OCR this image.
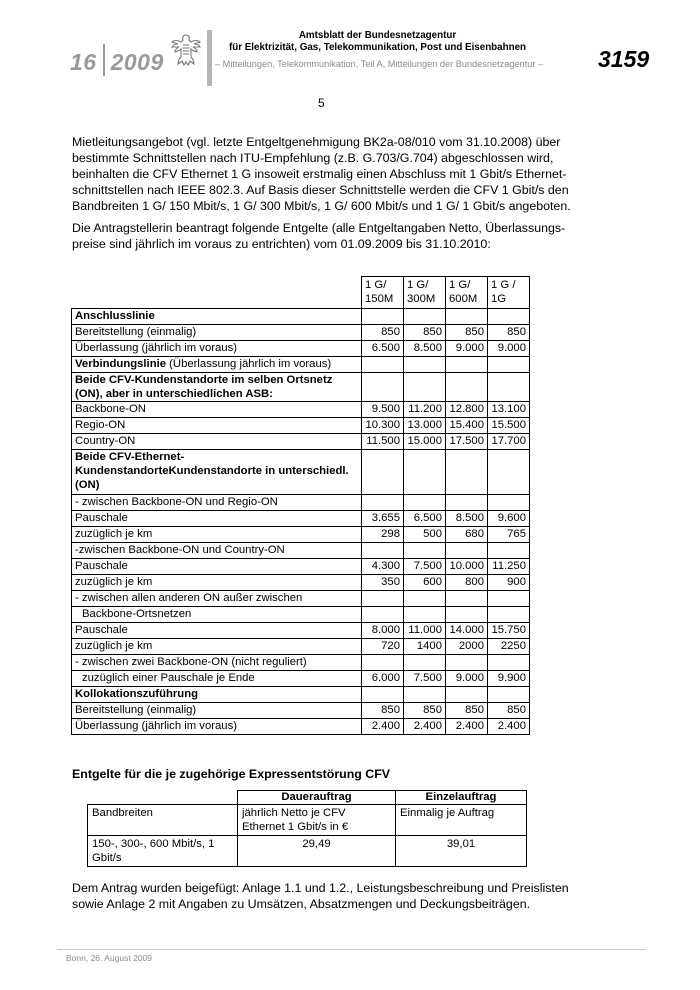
16 2009
Amtsblatt der Bundesnetzagentur
für Elektrizität, Gas, Telekommunikation, Post und Eisenbahnen
– Mitteilungen, Telekommunikation, Teil A, Mitteilungen der Bundesnetzagentur – 3159
5
Mietleitungsangebot (vgl. letzte Entgeltgenehmigung BK2a-08/010 vom 31.10.2008) über
bestimmte Schnittstellen nach ITU-Empfehlung (z.B. G.703/G.704) abgeschlossen wird,
beinhalten die CFV Ethernet 1 G insoweit erstmalig einen Abschluss mit 1 Gbit/s Ethernet-
schnittstellen nach IEEE 802.3. Auf Basis dieser Schnittstelle werden die CFV 1 Gbit/s den
Bandbreiten 1 G/ 150 Mbit/s, 1 G/ 300 Mbit/s, 1 G/ 600 Mbit/s und 1 G/ 1 Gbit/s angeboten.
Die Antragstellerin beantragt folgende Entgelte (alle Entgeltangaben Netto, Überlassungs-
preise sind jährlich im voraus zu entrichten) vom 01.09.2009 bis 31.10.2010:
	1 G/ 150M	1 G/ 300M	1 G/ 600M	1 G / 1G
Anschlusslinie				
Bereitstellung (einmalig)	850	850	850	850
Überlassung (jährlich im voraus)	6.500	8.500	9.000	9.000
Verbindungslinie (Überlassung jährlich im voraus)				
Beide CFV-Kundenstandorte im selben Ortsnetz (ON), aber in unterschiedlichen ASB:				
Backbone-ON	9.500	11.200	12.800	13.100
Regio-ON	10.300	13.000	15.400	15.500
Country-ON	11.500	15.000	17.500	17.700
Beide CFV-Ethernet-KundenstandorteKundenstandorte in unterschiedl. (ON)				
- zwischen Backbone-ON und Regio-ON				
Pauschale	3.655	6.500	8.500	9.600
zuzüglich je km	298	500	680	765
-zwischen Backbone-ON und Country-ON				
Pauschale	4.300	7.500	10.000	11.250
zuzüglich je km	350	600	800	900
- zwischen allen anderen ON außer zwischen				
Backbone-Ortsnetzen				
Pauschale	8.000	11.000	14.000	15.750
zuzüglich je km	720	1400	2000	2250
- zwischen zwei Backbone-ON (nicht reguliert)				
zuzüglich einer Pauschale je Ende	6.000	7.500	9.000	9.900
Kollokationszuführung				
Bereitstellung (einmalig)	850	850	850	850
Überlassung (jährlich im voraus)	2.400	2.400	2.400	2.400
Entgelte für die je zugehörige Expressentstörung CFV
	Dauerauftrag	Einzelauftrag
Bandbreiten	jährlich Netto je CFV Ethernet 1 Gbit/s in €	Einmalig je Auftrag
150-, 300-, 600 Mbit/s, 1 Gbit/s	29,49	39,01
Dem Antrag wurden beigefügt: Anlage 1.1 und 1.2., Leistungsbeschreibung und Preislisten
sowie Anlage 2 mit Angaben zu Umsätzen, Absatzmengen und Deckungsbeiträgen.
Bonn, 26. August 2009
